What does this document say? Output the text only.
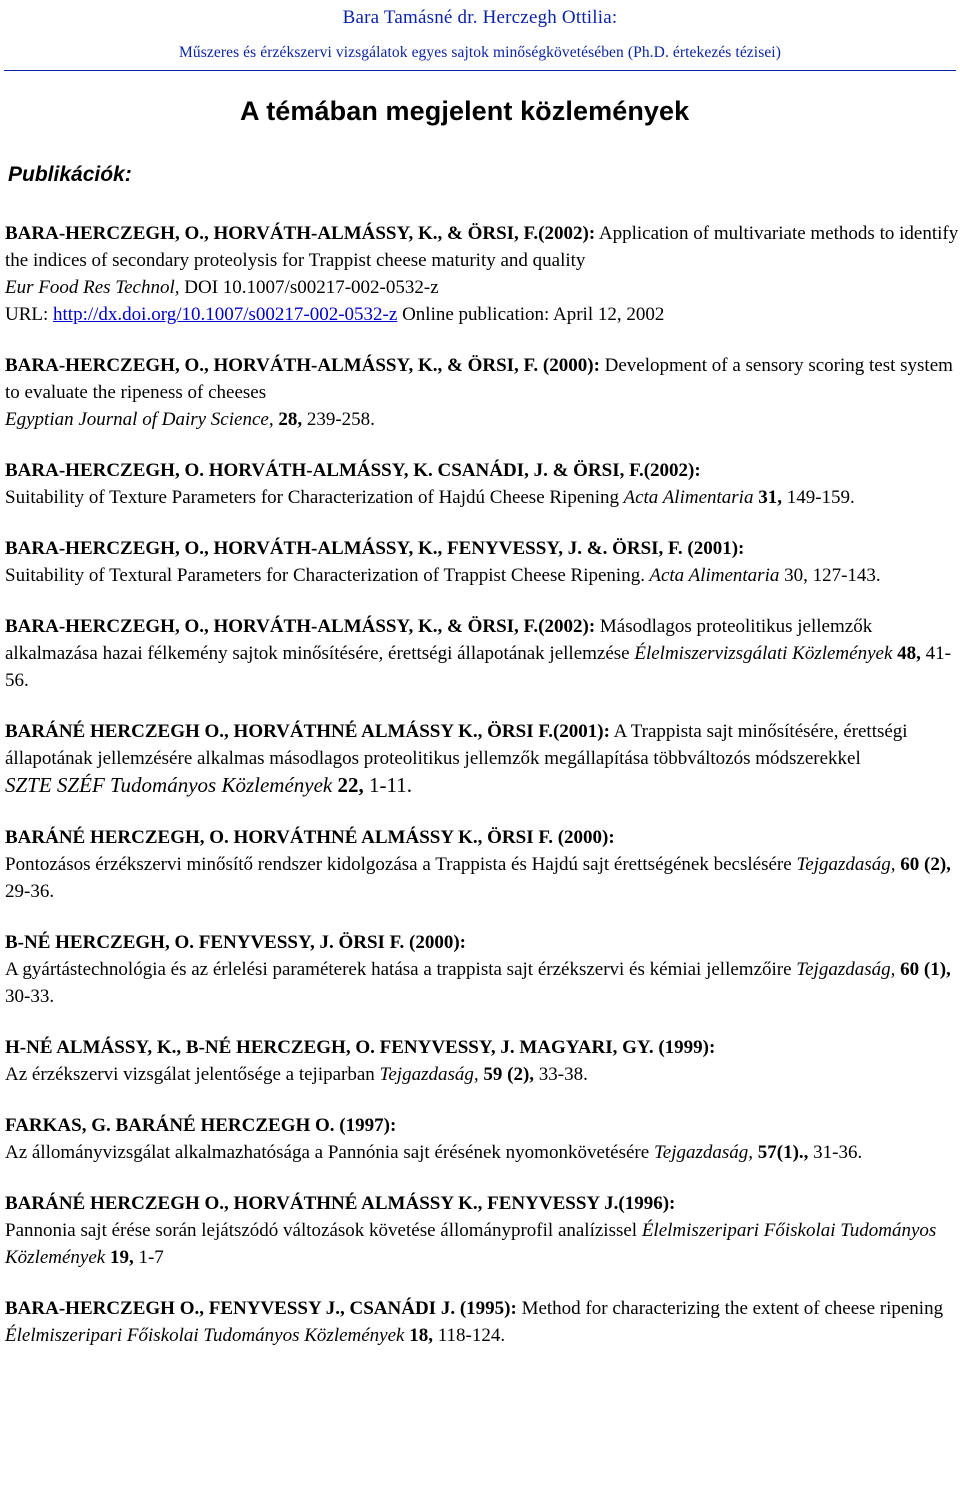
Bara Tamásné dr. Herczegh Ottilia:
Műszeres és érzékszervi vizsgálatok egyes sajtok minőségkövetésében (Ph.D. értekezés tézisei)
A témában megjelent közlemények
Publikációk:

BARA-HERCZEGH, O., HORVÁTH-ALMÁSSY, K., & ÖRSI, F.(2002): Application of multivariate methods to identify the indices of secondary proteolysis for Trappist cheese maturity and quality
Eur Food Res Technol, DOI 10.1007/s00217-002-0532-z
URL: http://dx.doi.org/10.1007/s00217-002-0532-z Online publication: April 12, 2002

BARA-HERCZEGH, O., HORVÁTH-ALMÁSSY, K., & ÖRSI, F. (2000): Development of a sensory scoring test system to evaluate the ripeness of cheeses
Egyptian Journal of Dairy Science, 28, 239-258.

BARA-HERCZEGH, O. HORVÁTH-ALMÁSSY, K. CSANÁDI, J. & ÖRSI, F.(2002):
Suitability of Texture Parameters for Characterization of Hajdú Cheese Ripening Acta Alimentaria 31, 149-159.

BARA-HERCZEGH, O., HORVÁTH-ALMÁSSY, K., FENYVESSY, J. &. ÖRSI, F. (2001):
Suitability of Textural Parameters for Characterization of Trappist Cheese Ripening. Acta Alimentaria 30, 127-143.

BARA-HERCZEGH, O., HORVÁTH-ALMÁSSY, K., & ÖRSI, F.(2002): Másodlagos proteolitikus jellemzők alkalmazása hazai félkemény sajtok minősítésére, érettségi állapotának jellemzése Élelmiszervizsgálati Közlemények 48, 41-56.

BARÁNÉ HERCZEGH O., HORVÁTHNÉ ALMÁSSY K., ÖRSI F.(2001): A Trappista sajt minősítésére, érettségi állapotának jellemzésére alkalmas másodlagos proteolitikus jellemzők megállapítása többváltozós módszerekkel
SZTE SZÉF Tudományos Közlemények 22, 1-11.

BARÁNÉ HERCZEGH, O. HORVÁTHNÉ ALMÁSSY K., ÖRSI F. (2000):
Pontozásos érzékszervi minősítő rendszer kidolgozása a Trappista és Hajdú sajt érettségének becslésére Tejgazdaság, 60 (2), 29-36.

B-NÉ HERCZEGH, O. FENYVESSY, J. ÖRSI F. (2000):
A gyártástechnológia és az érlelési paraméterek hatása a trappista sajt érzékszervi és kémiai jellemzőire Tejgazdaság, 60 (1), 30-33.

H-NÉ ALMÁSSY, K., B-NÉ HERCZEGH, O. FENYVESSY, J. MAGYARI, GY. (1999):
Az érzékszervi vizsgálat jelentősége a tejiparban Tejgazdaság, 59 (2), 33-38.

FARKAS, G. BARÁNÉ HERCZEGH O. (1997):
Az állományvizsgálat alkalmazhatósága a Pannónia sajt érésének nyomonkövetésére Tejgazdaság, 57(1)., 31-36.

BARÁNÉ HERCZEGH O., HORVÁTHNÉ ALMÁSSY K., FENYVESSY J.(1996):
Pannonia sajt érése során lejátszódó változások követése állományprofil analízissel Élelmiszeripari Főiskolai Tudományos Közlemények 19, 1-7

BARA-HERCZEGH O., FENYVESSY J., CSANÁDI J. (1995): Method for characterizing the extent of cheese ripening Élelmiszeripari Főiskolai Tudományos Közlemények 18, 118-124.
